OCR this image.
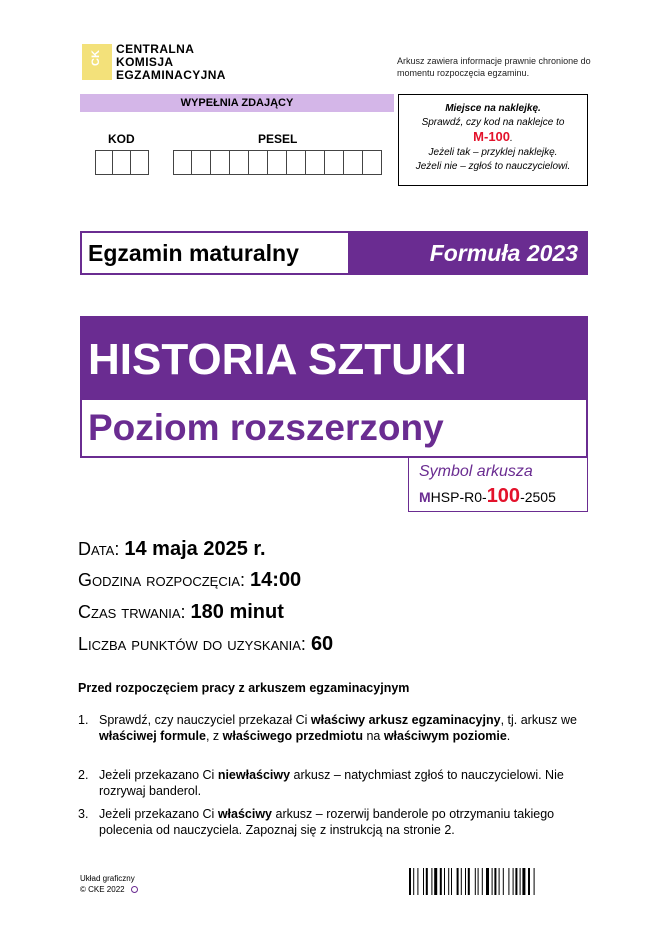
CK
CENTRALNA
KOMISJA
EGZAMINACYJNA
Arkusz zawiera informacje prawnie chronione do momentu rozpoczęcia egzaminu.
WYPEŁNIA ZDAJĄCY
KOD	PESEL
Miejsce na naklejkę.
Sprawdź, czy kod na naklejce to
M-100.
Jeżeli tak – przyklej naklejkę.
Jeżeli nie – zgłoś to nauczycielowi.
Egzamin maturalny	Formuła 2023
HISTORIA SZTUKI
Poziom rozszerzony
Symbol arkusza
MHSP-R0-100-2505
Data: 14 maja 2025 r.
Godzina rozpoczęcia: 14:00
Czas trwania: 180 minut
Liczba punktów do uzyskania: 60
Przed rozpoczęciem pracy z arkuszem egzaminacyjnym
1. Sprawdź, czy nauczyciel przekazał Ci właściwy arkusz egzaminacyjny, tj. arkusz we właściwej formule, z właściwego przedmiotu na właściwym poziomie.
2. Jeżeli przekazano Ci niewłaściwy arkusz – natychmiast zgłoś to nauczycielowi. Nie rozrywaj banderol.
3. Jeżeli przekazano Ci właściwy arkusz – rozerwij banderole po otrzymaniu takiego polecenia od nauczyciela. Zapoznaj się z instrukcją na stronie 2.
Układ graficzny
© CKE 2022
